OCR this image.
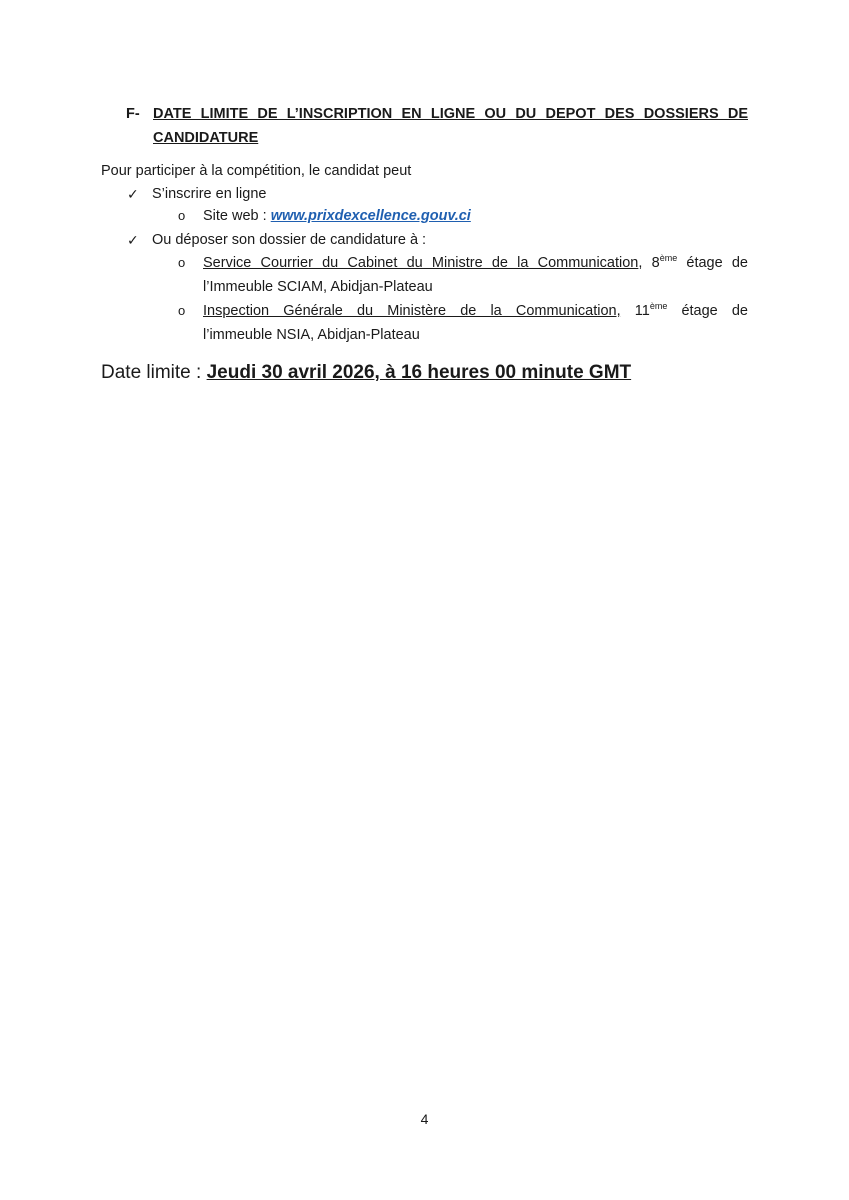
F- DATE LIMITE DE L’INSCRIPTION EN LIGNE OU DU DEPOT DES DOSSIERS DE CANDIDATURE
Pour participer à la compétition, le candidat peut
✓ S’inscrire en ligne
o Site web : www.prixdexcellence.gouv.ci
✓ Ou déposer son dossier de candidature à :
o Service Courrier du Cabinet du Ministre de la Communication, 8ème étage de
l’Immeuble SCIAM, Abidjan-Plateau
o Inspection Générale du Ministère de la Communication, 11ème étage de
l’immeuble NSIA, Abidjan-Plateau
Date limite : Jeudi 30 avril 2026, à 16 heures 00 minute GMT
4
